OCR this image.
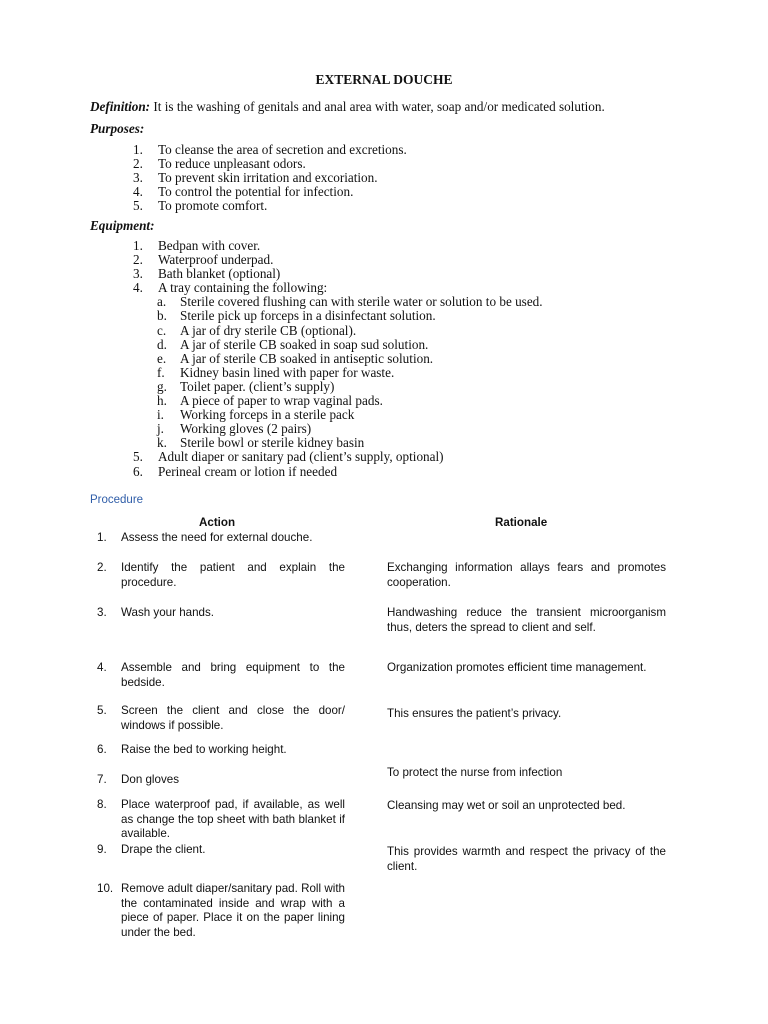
EXTERNAL DOUCHE
Definition: It is the washing of genitals and anal area with water, soap and/or medicated solution.
Purposes:
1. To cleanse the area of secretion and excretions.
2. To reduce unpleasant odors.
3. To prevent skin irritation and excoriation.
4. To control the potential for infection.
5. To promote comfort.
Equipment:
1. Bedpan with cover.
2. Waterproof underpad.
3. Bath blanket (optional)
4. A tray containing the following:
a. Sterile covered flushing can with sterile water or solution to be used.
b. Sterile pick up forceps in a disinfectant solution.
c. A jar of dry sterile CB (optional).
d. A jar of sterile CB soaked in soap sud solution.
e. A jar of sterile CB soaked in antiseptic solution.
f. Kidney basin lined with paper for waste.
g. Toilet paper. (client’s supply)
h. A piece of paper to wrap vaginal pads.
i. Working forceps in a sterile pack
j. Working gloves (2 pairs)
k. Sterile bowl or sterile kidney basin
5. Adult diaper or sanitary pad (client’s supply, optional)
6. Perineal cream or lotion if needed
Procedure
Action	Rationale
1. Assess the need for external douche.
2. Identify the patient and explain the procedure.
3. Wash your hands.
4. Assemble and bring equipment to the bedside.
5. Screen the client and close the door/ windows if possible.
6. Raise the bed to working height.
7. Don gloves
8. Place waterproof pad, if available, as well as change the top sheet with bath blanket if available.
9. Drape the client.
10. Remove adult diaper/sanitary pad. Roll with the contaminated inside and wrap with a piece of paper. Place it on the paper lining under the bed.
Exchanging information allays fears and promotes cooperation.
Handwashing reduce the transient microorganism thus, deters the spread to client and self.
Organization promotes efficient time management.
This ensures the patient’s privacy.
To protect the nurse from infection
Cleansing may wet or soil an unprotected bed.
This provides warmth and respect the privacy of the client.
